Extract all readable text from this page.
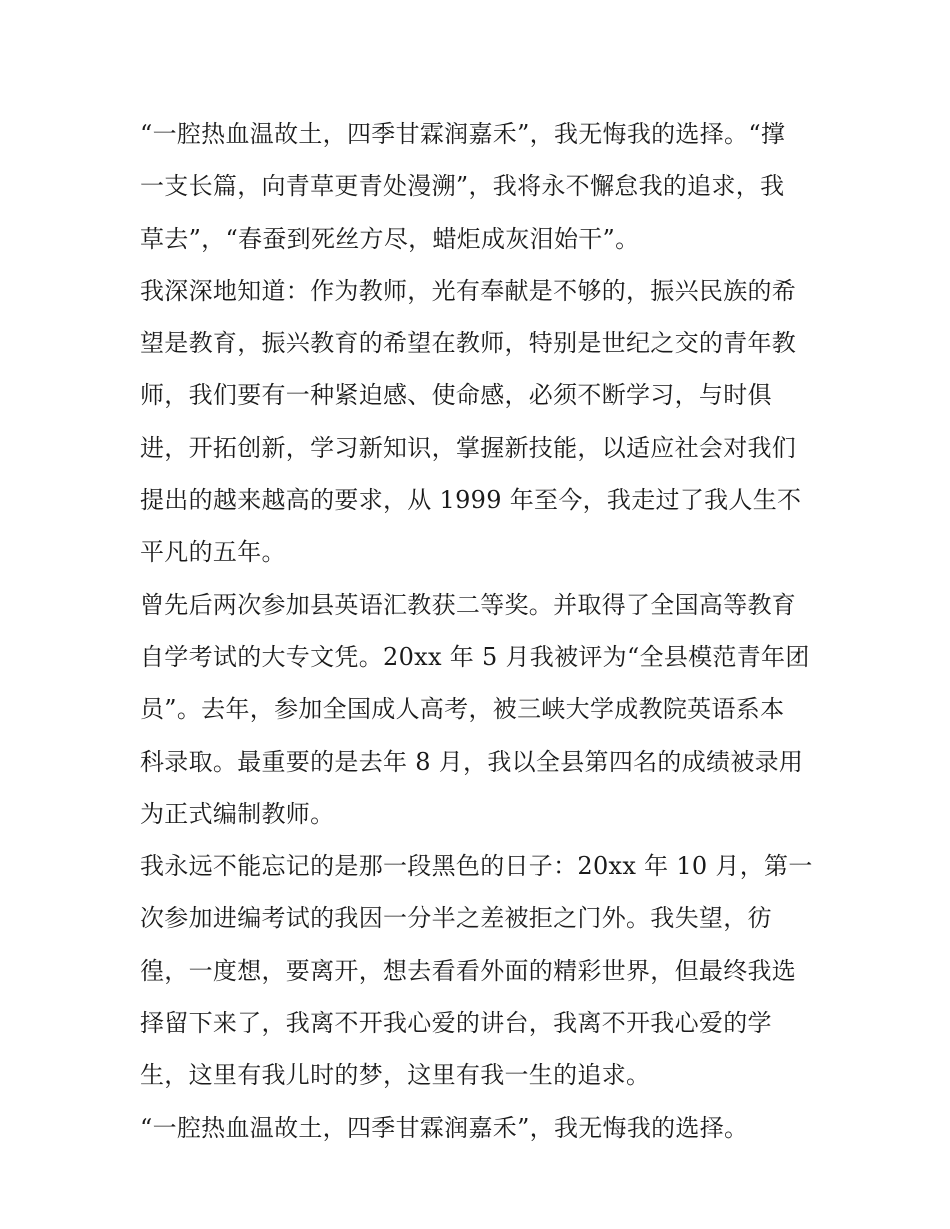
“一腔热血温故土，四季甘霖润嘉禾”，我无悔我的选择。“撑
一支长篇，向青草更青处漫溯”，我将永不懈怠我的追求，我
草去”，“春蚕到死丝方尽，蜡炬成灰泪始干”。
我深深地知道：作为教师，光有奉献是不够的，振兴民族的希
望是教育，振兴教育的希望在教师，特别是世纪之交的青年教
师，我们要有一种紧迫感、使命感，必须不断学习，与时俱
进，开拓创新，学习新知识，掌握新技能，以适应社会对我们
提出的越来越高的要求，从 1999 年至今，我走过了我人生不
平凡的五年。
曾先后两次参加县英语汇教获二等奖。并取得了全国高等教育
自学考试的大专文凭。20xx 年 5 月我被评为“全县模范青年团
员”。去年，参加全国成人高考，被三峡大学成教院英语系本
科录取。最重要的是去年 8 月，我以全县第四名的成绩被录用
为正式编制教师。
我永远不能忘记的是那一段黑色的日子：20xx 年 10 月，第一
次参加进编考试的我因一分半之差被拒之门外。我失望，彷
徨，一度想，要离开，想去看看外面的精彩世界，但最终我选
择留下来了，我离不开我心爱的讲台，我离不开我心爱的学
生，这里有我儿时的梦，这里有我一生的追求。
“一腔热血温故土，四季甘霖润嘉禾”，我无悔我的选择。
